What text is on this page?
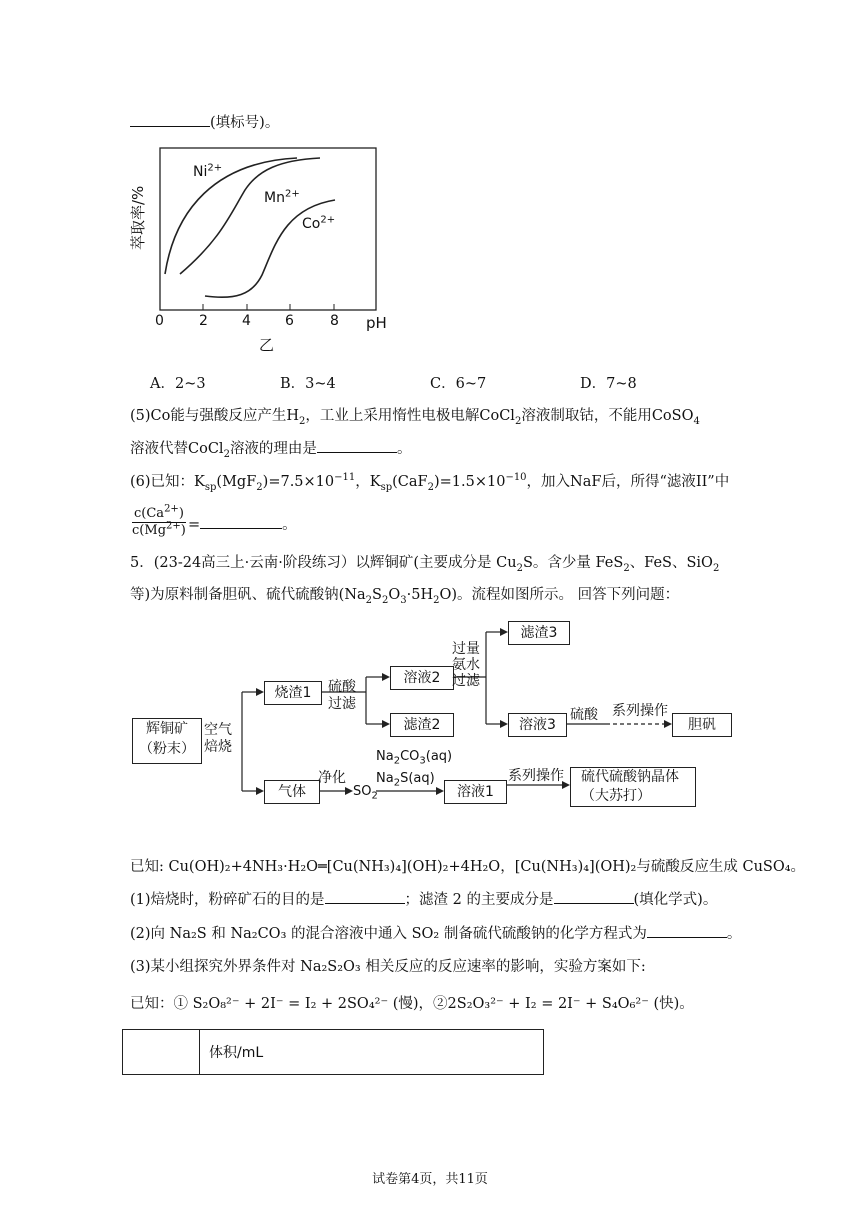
(填标号)。
萃取率/%
$Ni^{2+}$
$Mn^{2+}$
$Co^{2+}$
0	2 4 6	8 pH
乙
A．2~3	B．3~4	C．6~7	D．7~8
(5)Co能与强酸反应产生$H_2$，工业上采用惰性电极电解CoCl$_2$溶液制取钴，不能用CoSO$_4$
溶液代替CoCl$_2$溶液的理由是	。
(6)已知：$K_{sp}(MgF_2)=7.5\times 10^{-11}$，$K_{sp}(CaF_2)=1.5\times 10^{-10}$，加入NaF后，所得“滤液II”中
$\frac{c(Ca^{2+})}{c(Mg^{2+})}$ =	。
5．(23-24高三上·云南·阶段练习）以辉铜矿(主要成分是 $Cu_2S$。含少量 FeS$_2$、FeS、SiO$_2$
等)为原料制备胆矾、硫代硫酸钠$(Na_2S_2O_3\cdot 5H_2O)$。流程如图所示。 回答下列问题：
辉铜矿
（粉末）
空气
焙烧
烧渣1	硫酸
过滤
溶液2
滤渣2
过量
氨水
过滤
滤渣3
溶液3
硫酸 系列操作
胆矾
气体
净化
$SO_2$
$Na_2CO_3(aq)$
$Na_2S(aq)$
溶液1
系列操作 硫代硫酸钠晶体
（大苏打）
已知: Cu(OH)₂+4NH₃·H₂O═[Cu(NH₃)₄](OH)₂+4H₂O，[Cu(NH₃)₄](OH)₂与硫酸反应生成 CuSO₄。
(1)焙烧时，粉碎矿石的目的是	；滤渣 2 的主要成分是	(填化学式)。
(2)向 Na₂S 和 Na₂CO₃ 的混合溶液中通入 SO₂ 制备硫代硫酸钠的化学方程式为	。
(3)某小组探究外界条件对 Na₂S₂O₃ 相关反应的反应速率的影响，实验方案如下:
已知：① S₂O₈²⁻ + 2I⁻ = I₂ + 2SO₄²⁻ (慢)，②2S₂O₃²⁻ + I₂ = 2I⁻ + S₄O₆²⁻ (快)。
体积/mL
试卷第4页，共11页
